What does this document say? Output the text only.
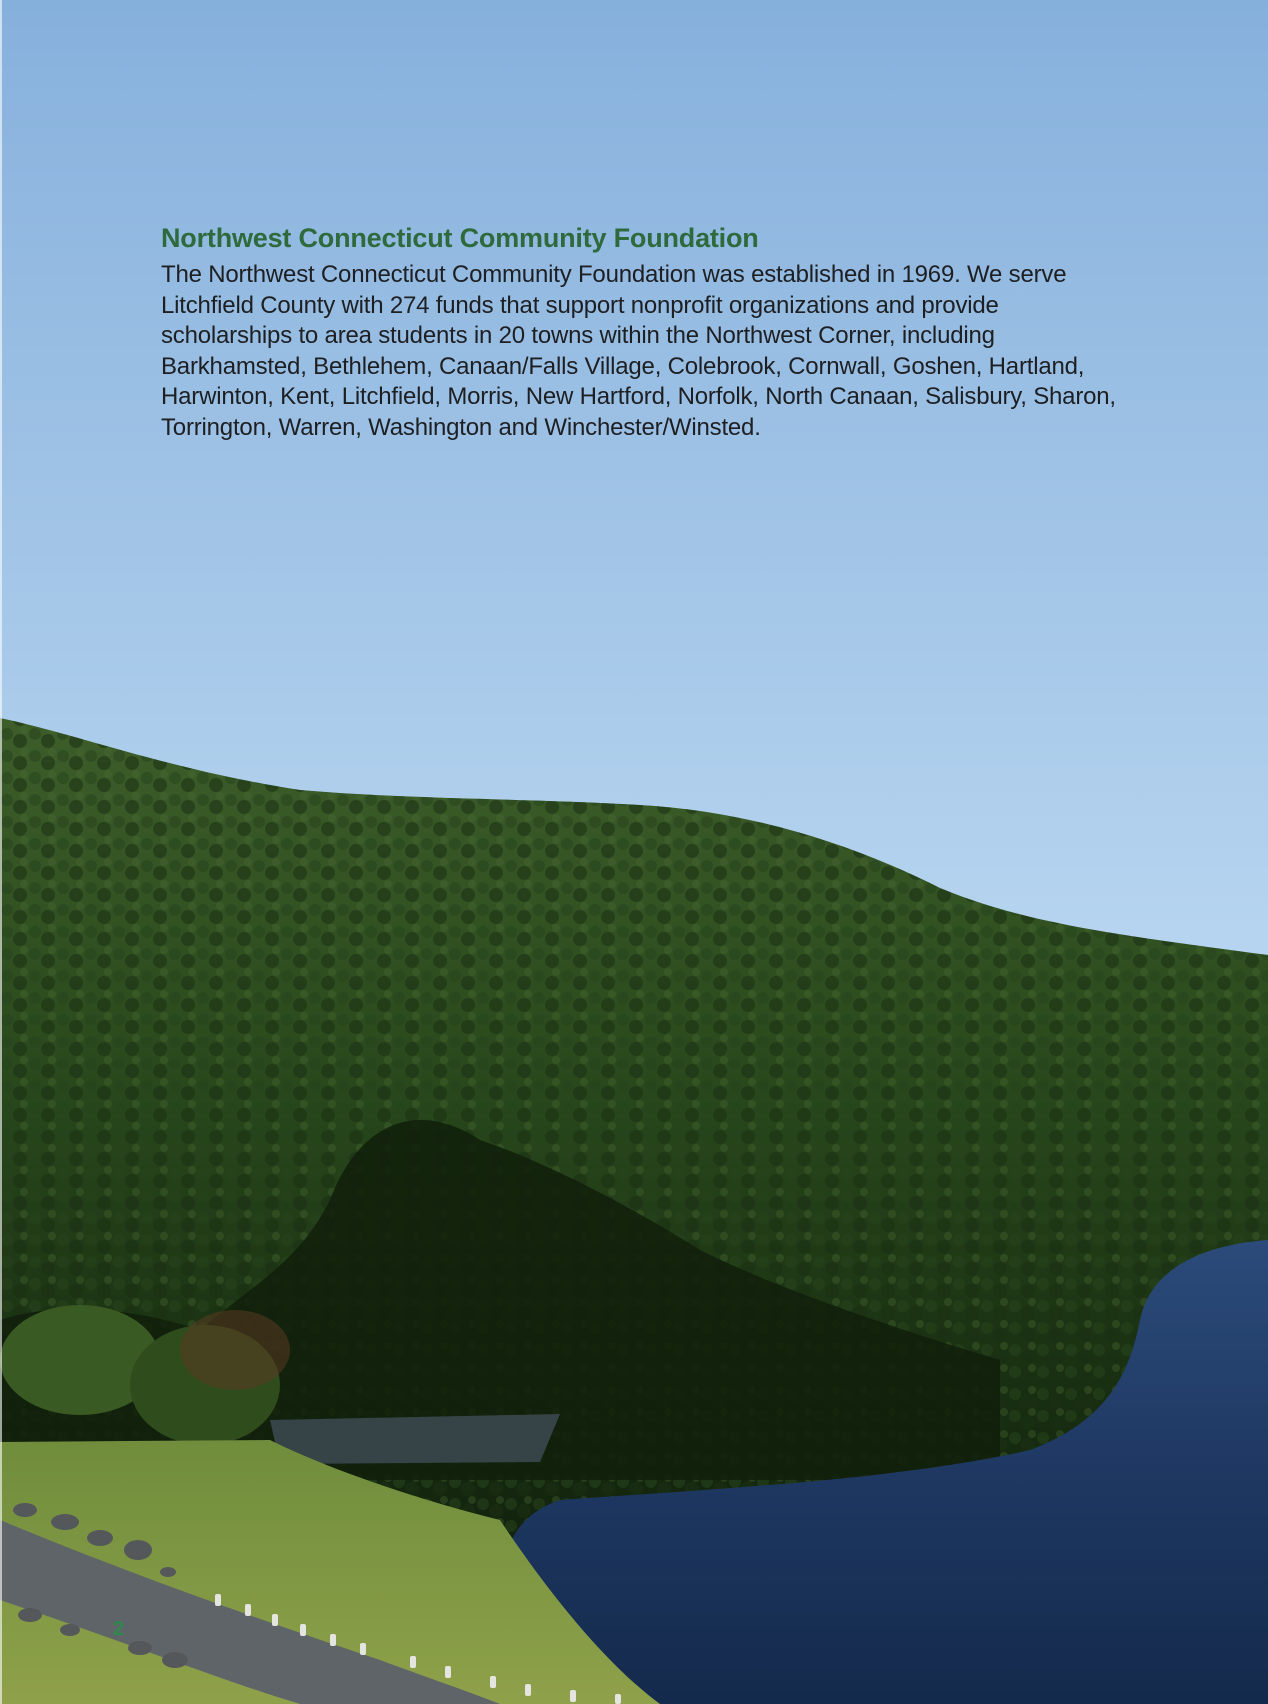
Northwest Connecticut Community Foundation

The Northwest Connecticut Community Foundation was established in 1969. We serve Litchfield County with 274 funds that support nonprofit organizations and provide scholarships to area students in 20 towns within the Northwest Corner, including Barkhamsted, Bethlehem, Canaan/Falls Village, Colebrook, Cornwall, Goshen, Hartland, Harwinton, Kent, Litchfield, Morris, New Hartford, Norfolk, North Canaan, Salisbury, Sharon, Torrington, Warren, Washington and Winchester/Winsted.

2
